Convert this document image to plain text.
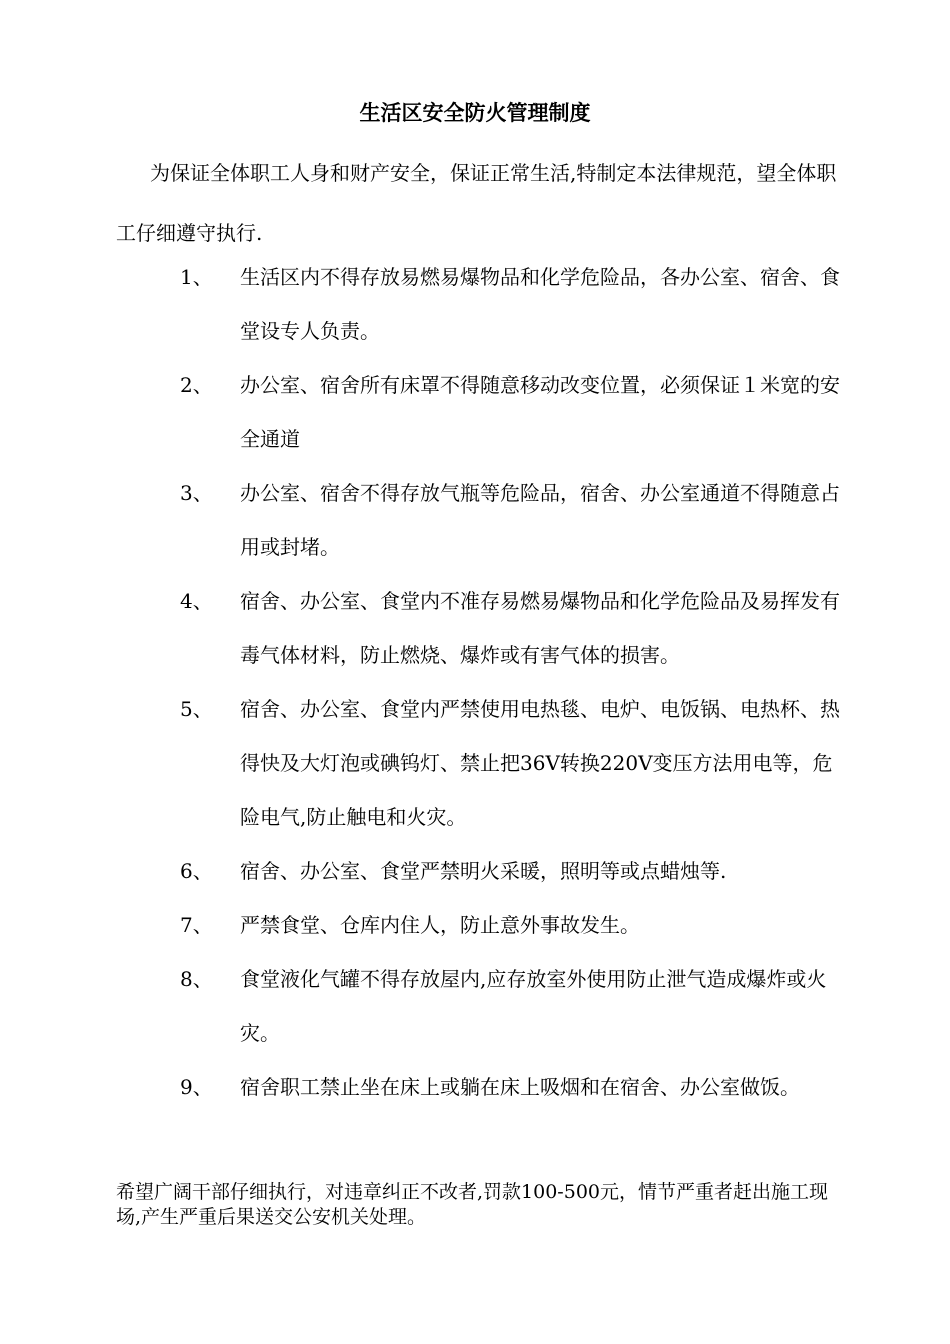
生活区安全防火管理制度
为保证全体职工人身和财产安全，保证正常生活,特制定本法律规范，望全体职工仔细遵守执行.
1、	生活区内不得存放易燃易爆物品和化学危险品，各办公室、宿舍、食堂设专人负责。
2、	办公室、宿舍所有床罩不得随意移动改变位置，必须保证１米宽的安全通道
3、	办公室、宿舍不得存放气瓶等危险品，宿舍、办公室通道不得随意占用或封堵。
4、	宿舍、办公室、食堂内不准存易燃易爆物品和化学危险品及易挥发有毒气体材料，防止燃烧、爆炸或有害气体的损害。
5、	宿舍、办公室、食堂内严禁使用电热毯、电炉、电饭锅、电热杯、热得快及大灯泡或碘钨灯、禁止把36V转换220V变压方法用电等，危险电气,防止触电和火灾。
6、	宿舍、办公室、食堂严禁明火采暖，照明等或点蜡烛等.
7、	严禁食堂、仓库内住人，防止意外事故发生。
8、	食堂液化气罐不得存放屋内,应存放室外使用防止泄气造成爆炸或火灾。
9、	宿舍职工禁止坐在床上或躺在床上吸烟和在宿舍、办公室做饭。
希望广阔干部仔细执行，对违章纠正不改者,罚款100-500元，情节严重者赶出施工现场,产生严重后果送交公安机关处理。
